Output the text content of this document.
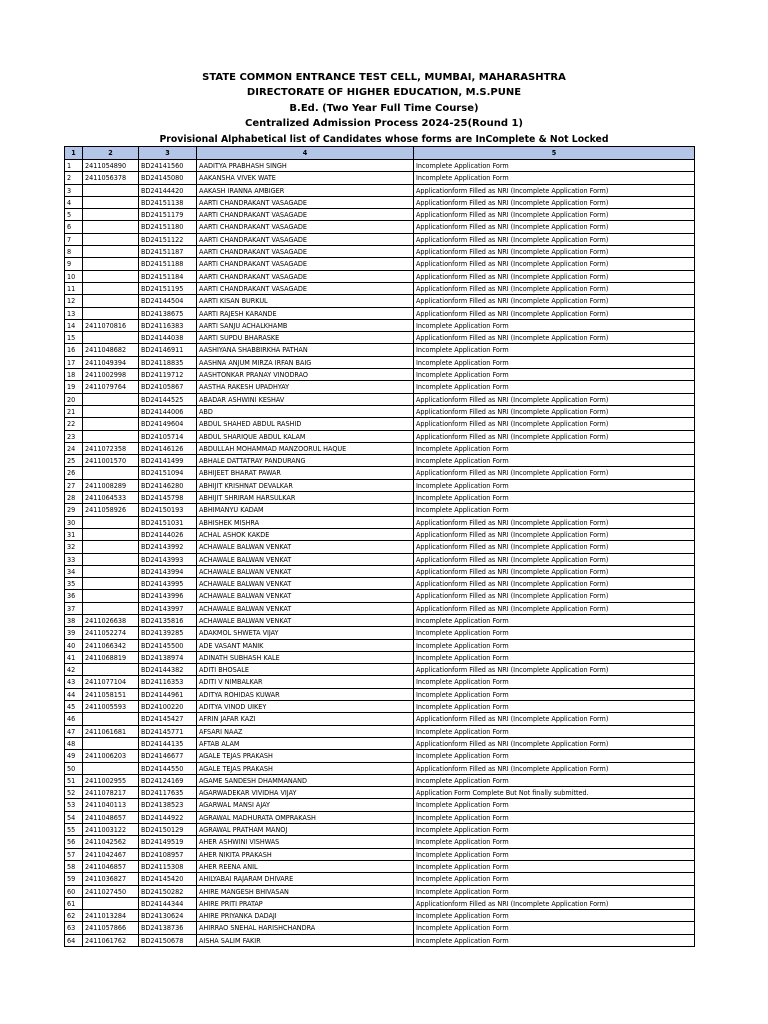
STATE COMMON ENTRANCE TEST CELL, MUMBAI, MAHARASHTRA
DIRECTORATE OF HIGHER EDUCATION, M.S.PUNE
B.Ed. (Two Year Full Time Course)
Centralized Admission Process 2024-25(Round 1)
Provisional Alphabetical list of Candidates whose forms are InComplete & Not Locked
1	2	3	4	5
1	2411054890	BD24141560	AADITYA PRABHASH SINGH	Incomplete Application Form
2	2411056378	BD24145080	AAKANSHA VIVEK WATE	Incomplete Application Form
3		BD24144420	AAKASH IRANNA AMBIGER	Applicationform Filled as NRI (Incomplete Application Form)
4		BD24151138	AARTI CHANDRAKANT VASAGADE	Applicationform Filled as NRI (Incomplete Application Form)
5		BD24151179	AARTI CHANDRAKANT VASAGADE	Applicationform Filled as NRI (Incomplete Application Form)
6		BD24151180	AARTI CHANDRAKANT VASAGADE	Applicationform Filled as NRI (Incomplete Application Form)
7		BD24151122	AARTI CHANDRAKANT VASAGADE	Applicationform Filled as NRI (Incomplete Application Form)
8		BD24151187	AARTI CHANDRAKANT VASAGADE	Applicationform Filled as NRI (Incomplete Application Form)
9		BD24151188	AARTI CHANDRAKANT VASAGADE	Applicationform Filled as NRI (Incomplete Application Form)
10		BD24151184	AARTI CHANDRAKANT VASAGADE	Applicationform Filled as NRI (Incomplete Application Form)
11		BD24151195	AARTI CHANDRAKANT VASAGADE	Applicationform Filled as NRI (Incomplete Application Form)
12		BD24144504	AARTI KISAN BURKUL	Applicationform Filled as NRI (Incomplete Application Form)
13		BD24138675	AARTI RAJESH KARANDE	Applicationform Filled as NRI (Incomplete Application Form)
14	2411070816	BD24116383	AARTI SANJU ACHALKHAMB	Incomplete Application Form
15		BD24144038	AARTI SUPDU BHARASKE	Applicationform Filled as NRI (Incomplete Application Form)
16	2411048682	BD24146911	AASHIYANA SHABBIRKHA PATHAN	Incomplete Application Form
17	2411049394	BD24118835	AASHNA ANJUM MIRZA IRFAN BAIG	Incomplete Application Form
18	2411002998	BD24119712	AASHTONKAR PRANAY VINODRAO	Incomplete Application Form
19	2411079764	BD24105867	AASTHA RAKESH UPADHYAY	Incomplete Application Form
20		BD24144525	ABADAR ASHWINI KESHAV	Applicationform Filled as NRI (Incomplete Application Form)
21		BD24144006	ABD	Applicationform Filled as NRI (Incomplete Application Form)
22		BD24149604	ABDUL SHAHED ABDUL RASHID	Applicationform Filled as NRI (Incomplete Application Form)
23		BD24105714	ABDUL SHARIQUE ABDUL KALAM	Applicationform Filled as NRI (Incomplete Application Form)
24	2411072358	BD24146126	ABDULLAH MOHAMMAD MANZOORUL HAQUE	Incomplete Application Form
25	2411001570	BD24141499	ABHALE DATTATRAY PANDURANG	Incomplete Application Form
26		BD24151094	ABHIJEET BHARAT PAWAR	Applicationform Filled as NRI (Incomplete Application Form)
27	2411008289	BD24146280	ABHIJIT KRISHNAT DEVALKAR	Incomplete Application Form
28	2411064533	BD24145798	ABHIJIT SHRIRAM HARSULKAR	Incomplete Application Form
29	2411058926	BD24150193	ABHIMANYU KADAM	Incomplete Application Form
30		BD24151031	ABHISHEK MISHRA	Applicationform Filled as NRI (Incomplete Application Form)
31		BD24144026	ACHAL ASHOK KAKDE	Applicationform Filled as NRI (Incomplete Application Form)
32		BD24143992	ACHAWALE BALWAN VENKAT	Applicationform Filled as NRI (Incomplete Application Form)
33		BD24143993	ACHAWALE BALWAN VENKAT	Applicationform Filled as NRI (Incomplete Application Form)
34		BD24143994	ACHAWALE BALWAN VENKAT	Applicationform Filled as NRI (Incomplete Application Form)
35		BD24143995	ACHAWALE BALWAN VENKAT	Applicationform Filled as NRI (Incomplete Application Form)
36		BD24143996	ACHAWALE BALWAN VENKAT	Applicationform Filled as NRI (Incomplete Application Form)
37		BD24143997	ACHAWALE BALWAN VENKAT	Applicationform Filled as NRI (Incomplete Application Form)
38	2411026638	BD24135816	ACHAWALE BALWAN VENKAT	Incomplete Application Form
39	2411052274	BD24139285	ADAKMOL SHWETA VIJAY	Incomplete Application Form
40	2411066342	BD24145500	ADE VASANT MANIK	Incomplete Application Form
41	2411068819	BD24138974	ADINATH SUBHASH KALE	Incomplete Application Form
42		BD24144382	ADITI BHOSALE	Applicationform Filled as NRI (Incomplete Application Form)
43	2411077104	BD24116353	ADITI V NIMBALKAR	Incomplete Application Form
44	2411058151	BD24144961	ADITYA ROHIDAS KUWAR	Incomplete Application Form
45	2411005593	BD24100220	ADITYA VINOD UIKEY	Incomplete Application Form
46		BD24145427	AFRIN JAFAR KAZI	Applicationform Filled as NRI (Incomplete Application Form)
47	2411061681	BD24145771	AFSARI NAAZ	Incomplete Application Form
48		BD24144135	AFTAB ALAM	Applicationform Filled as NRI (Incomplete Application Form)
49	2411006203	BD24146677	AGALE TEJAS PRAKASH	Incomplete Application Form
50		BD24144550	AGALE TEJAS PRAKASH	Applicationform Filled as NRI (Incomplete Application Form)
51	2411002955	BD24124169	AGAME SANDESH DHAMMANAND	Incomplete Application Form
52	2411078217	BD24117635	AGARWADEKAR VIVIDHA VIJAY	Application Form Complete But Not finally submitted.
53	2411040113	BD24138523	AGARWAL MANSI AJAY	Incomplete Application Form
54	2411048657	BD24144922	AGRAWAL MADHURATA OMPRAKASH	Incomplete Application Form
55	2411003122	BD24150129	AGRAWAL PRATHAM MANOJ	Incomplete Application Form
56	2411042562	BD24149519	AHER ASHWINI VISHWAS	Incomplete Application Form
57	2411042467	BD24108957	AHER NIKITA PRAKASH	Incomplete Application Form
58	2411046857	BD24115308	AHER REENA ANIL	Incomplete Application Form
59	2411036827	BD24145420	AHILYABAI RAJARAM DHIVARE	Incomplete Application Form
60	2411027450	BD24150282	AHIRE MANGESH BHIVASAN	Incomplete Application Form
61		BD24144344	AHIRE PRITI PRATAP	Applicationform Filled as NRI (Incomplete Application Form)
62	2411013284	BD24130624	AHIRE PRIYANKA DADAJI	Incomplete Application Form
63	2411057866	BD24138736	AHIRRAO SNEHAL HARISHCHANDRA	Incomplete Application Form
64	2411061762	BD24150678	AISHA SALIM FAKIR	Incomplete Application Form
